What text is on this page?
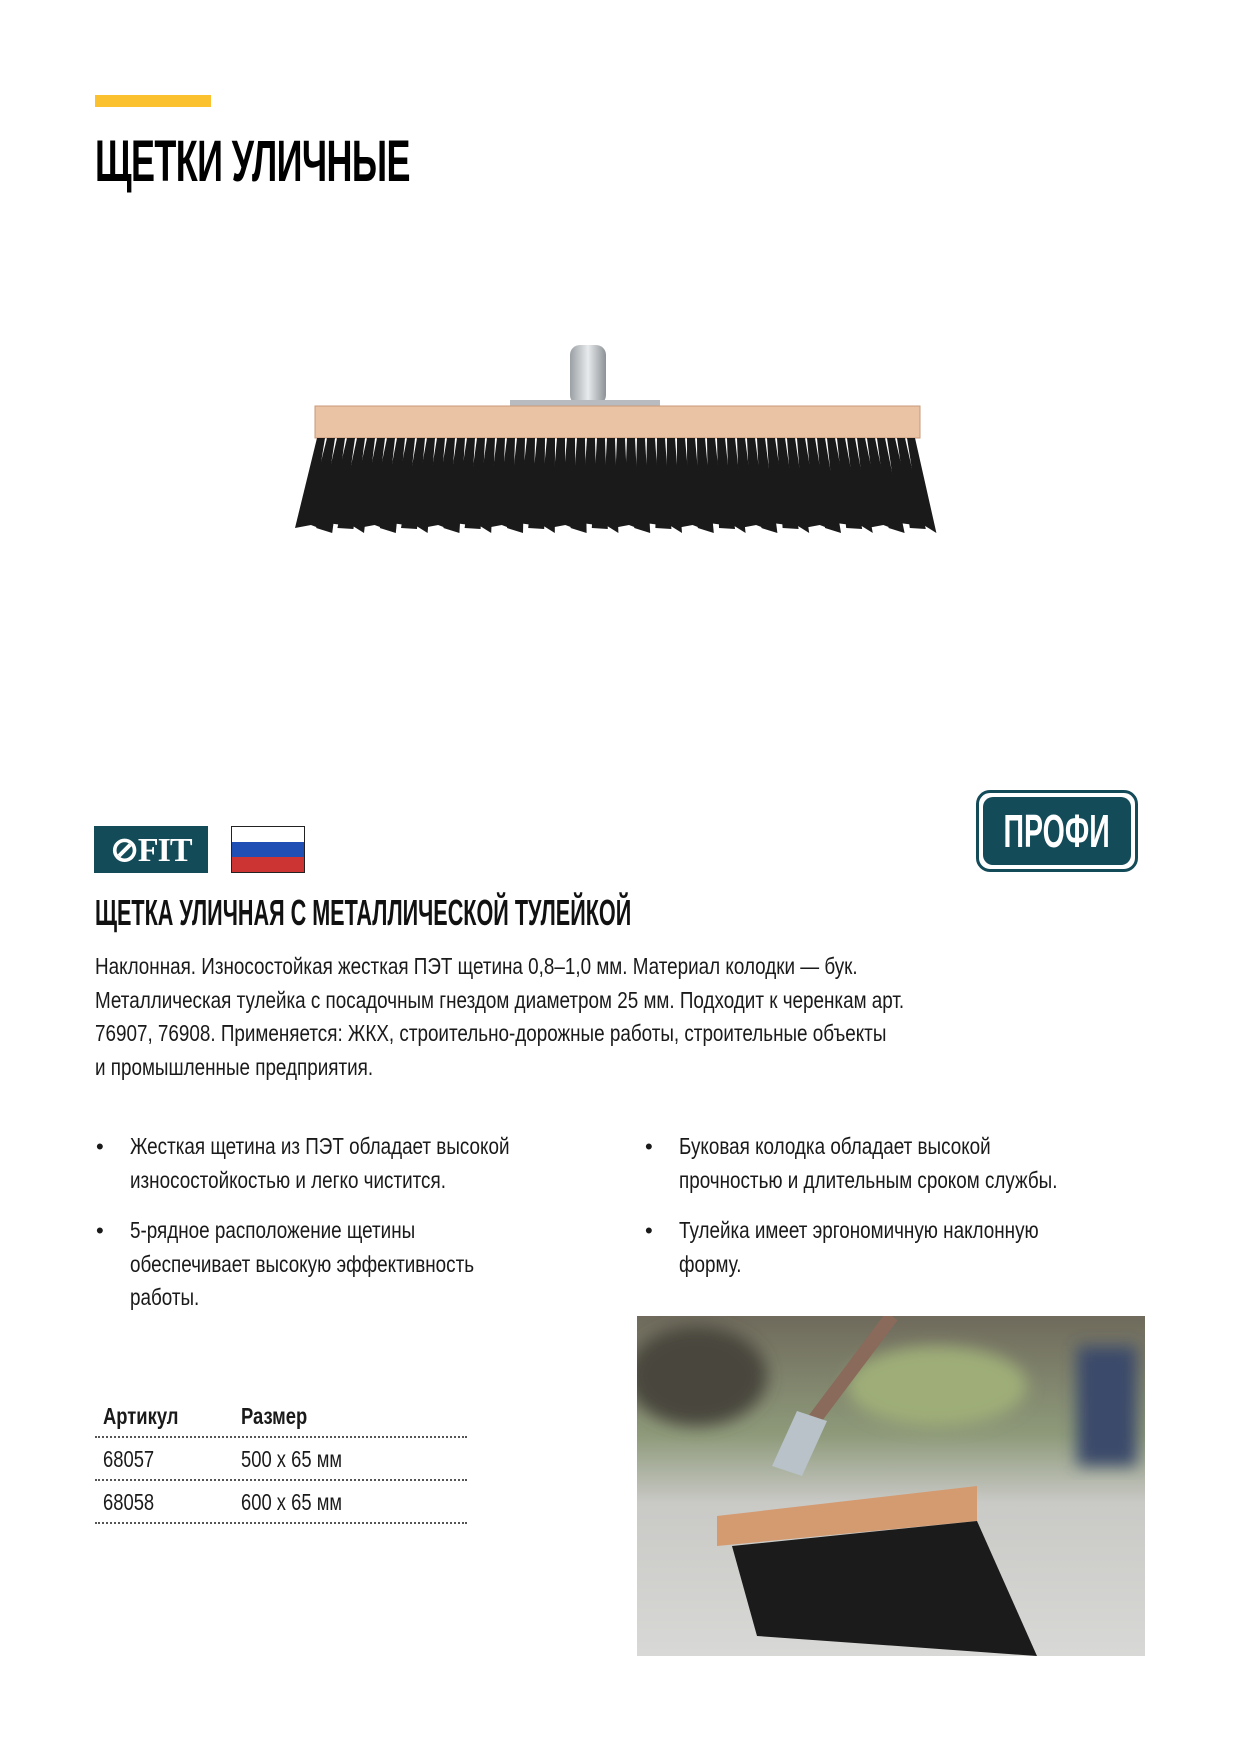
ЩЕТКИ УЛИЧНЫЕ
⊘FIT	ПРОФИ
ЩЕТКА УЛИЧНАЯ С МЕТАЛЛИЧЕСКОЙ ТУЛЕЙКОЙ
Наклонная. Износостойкая жесткая ПЭТ щетина 0,8–1,0 мм. Материал колодки — бук.
Металлическая тулейка с посадочным гнездом диаметром 25 мм. Подходит к черенкам арт.
76907, 76908. Применяется: ЖКХ, строительно-дорожные работы, строительные объекты
и промышленные предприятия.
• Жесткая щетина из ПЭТ обладает высокой
износостойкостью и легко чистится.
• 5-рядное расположение щетины
обеспечивает высокую эффективность
работы.
• Буковая колодка обладает высокой
прочностью и длительным сроком службы.
• Тулейка имеет эргономичную наклонную
форму.
Артикул	Размер
68057	500 х 65 мм
68058	600 х 65 мм
